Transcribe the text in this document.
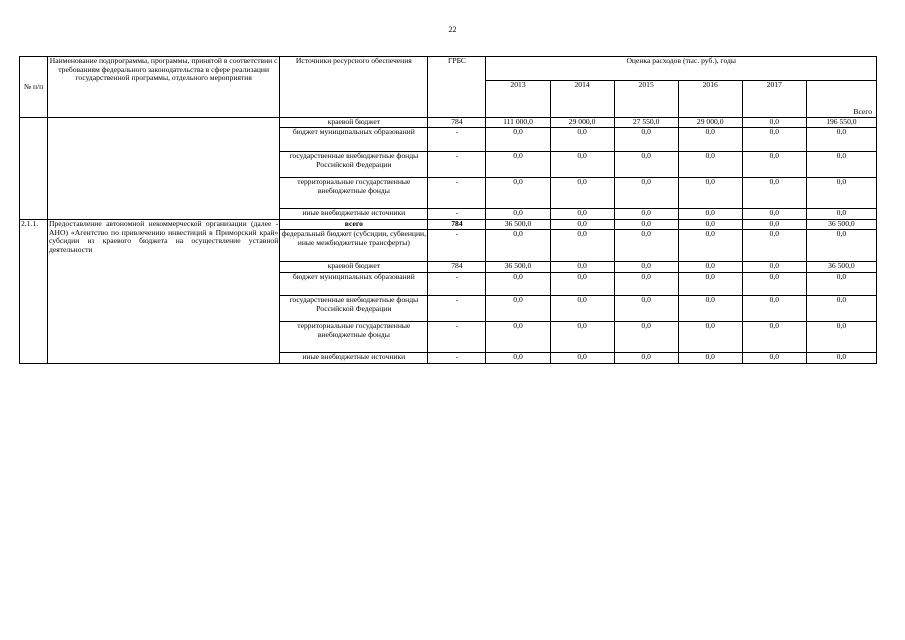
22
№ п/п	Наименование подпрограммы, программы, принятой в соответствии с требованиям федерального законодательства в сфере реализации государственной программы, отдельного мероприятия	Источники ресурсного обеспечения	ГРБС	Оценка расходов (тыс. руб.), годы					
				2013	2014	2015	2016	2017	Всего
		краевой бюджет	784	111 000,0	29 000,0	27 550,0	29 000,0	0,0	196 550,0
		бюджет муниципальных образований	-	0,0	0,0	0,0	0,0	0,0	0,0
		государственные внебюджетные фонды Российской Федерации	-	0,0	0,0	0,0	0,0	0,0	0,0
		территориальные государственные внебюджетные фонды	-	0,0	0,0	0,0	0,0	0,0	0,0
		иные внебюджетные источники	-	0,0	0,0	0,0	0,0	0,0	0,0
2.1.1.	Предоставление автономной некоммерческой организации (далее - АНО) «Агентство по привлечению инвестиций в Приморский край» субсидии из краевого бюджета на осуществление уставной деятельности	всего	784	36 500,0	0,0	0,0	0,0	0,0	36 500,0
		федеральный бюджет (субсидии, субвенции, иные межбюджетные трансферты)	-	0,0	0,0	0,0	0,0	0,0	0,0
		краевой бюджет	784	36 500,0	0,0	0,0	0,0	0,0	36 500,0
		бюджет муниципальных образований	-	0,0	0,0	0,0	0,0	0,0	0,0
		государственные внебюджетные фонды Российской Федерации	-	0,0	0,0	0,0	0,0	0,0	0,0
		территориальные государственные внебюджетные фонды	-	0,0	0,0	0,0	0,0	0,0	0,0
		иные внебюджетные источники	-	0,0	0,0	0,0	0,0	0,0	0,0
